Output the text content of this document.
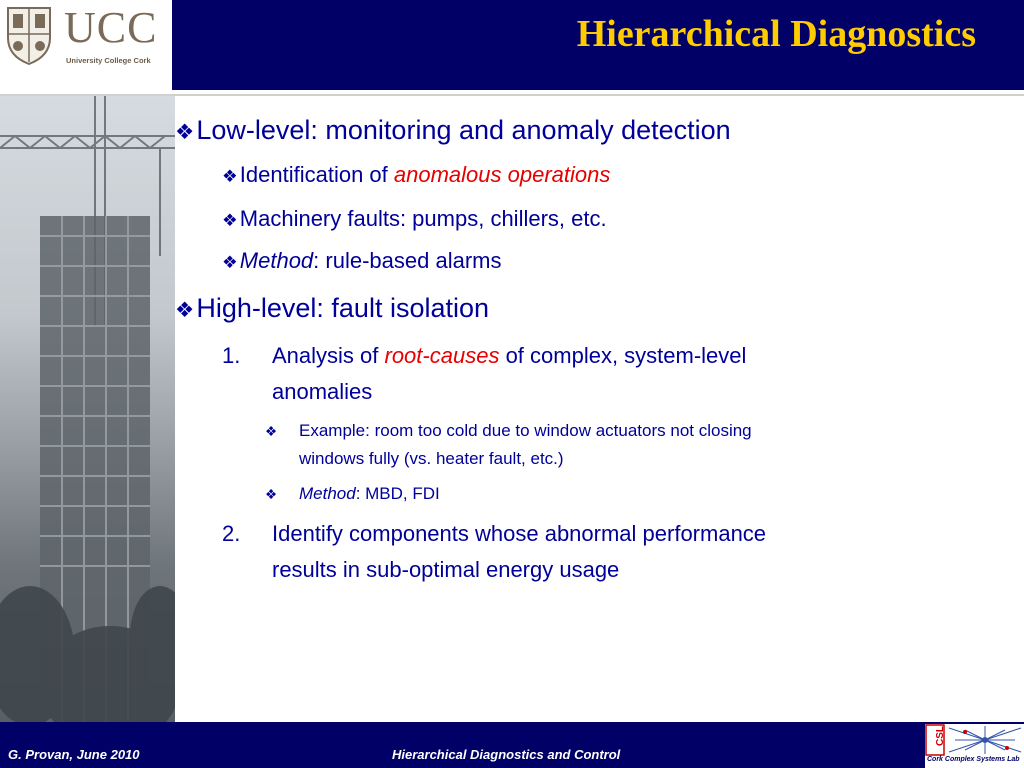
UCC
University College Cork
Hierarchical Diagnostics
❖Low-level: monitoring and anomaly detection
❖Identification of anomalous operations
❖Machinery faults: pumps, chillers, etc.
❖Method: rule-based alarms
❖High-level: fault isolation
1. Analysis of root-causes of complex, system-level
anomalies
❖ Example: room too cold due to window actuators not closing
windows fully (vs. heater fault, etc.)
❖ Method: MBD, FDI
2. Identify components whose abnormal performance
results in sub-optimal energy usage
G. Provan, June 2010	Hierarchical Diagnostics and Control
CSL
Cork Complex Systems Lab
